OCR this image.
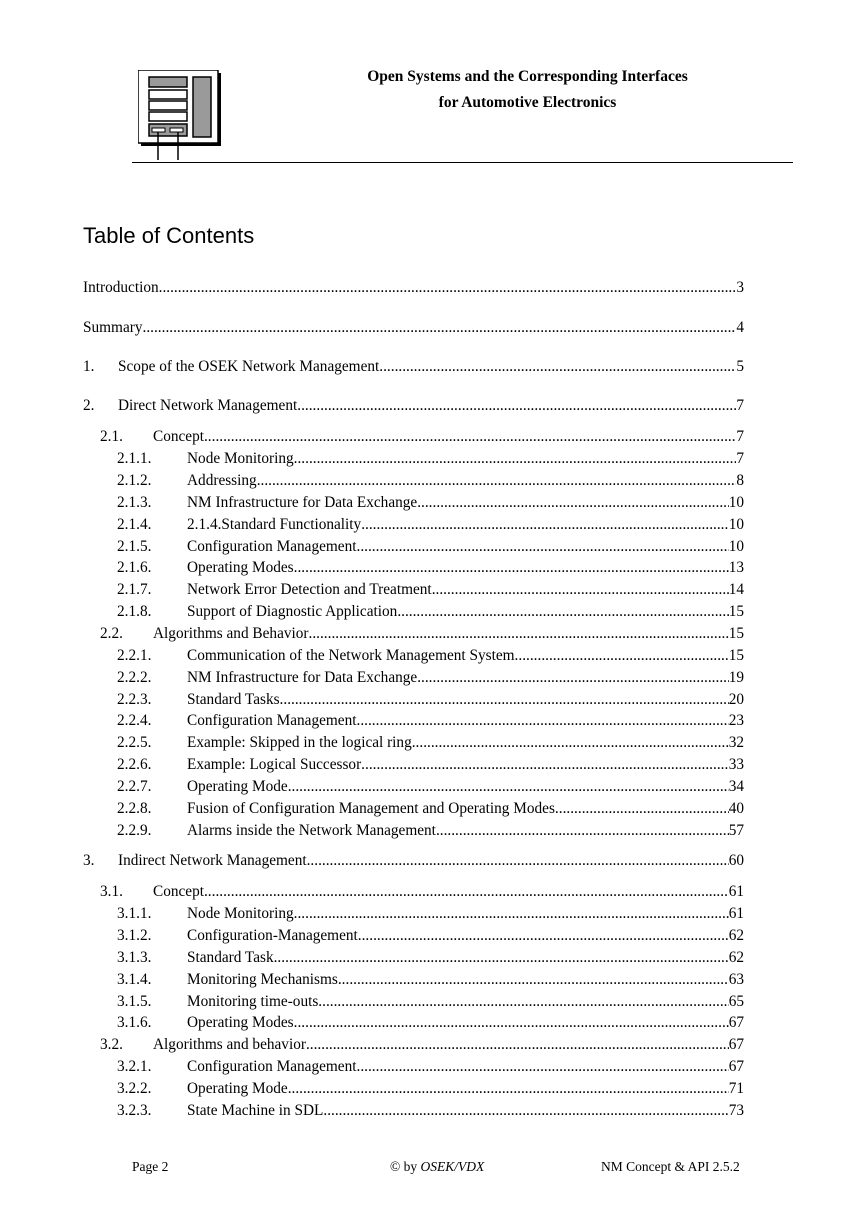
Open Systems and the Corresponding Interfaces
for Automotive Electronics
Table of Contents
Introduction .....	3
Summary .....	4
1.	Scope of the OSEK Network Management .....	5
2.	Direct Network Management .....	7
2.1.	Concept .....	7
2.1.1.	Node Monitoring .....	7
2.1.2.	Addressing .....	8
2.1.3.	NM Infrastructure for Data Exchange .....	10
2.1.4.	2.1.4.Standard Functionality .....	10
2.1.5.	Configuration Management .....	10
2.1.6.	Operating Modes .....	13
2.1.7.	Network Error Detection and Treatment .....	14
2.1.8.	Support of Diagnostic Application .....	15
2.2.	Algorithms and Behavior .....	15
2.2.1.	Communication of the Network Management System .....	15
2.2.2.	NM Infrastructure for Data Exchange .....	19
2.2.3.	Standard Tasks .....	20
2.2.4.	Configuration Management .....	23
2.2.5.	Example: Skipped in the logical ring .....	32
2.2.6.	Example: Logical Successor .....	33
2.2.7.	Operating Mode .....	34
2.2.8.	Fusion of Configuration Management and Operating Modes .....	40
2.2.9.	Alarms inside the Network Management .....	57
3.	Indirect Network Management .....	60
3.1.	Concept .....	61
3.1.1.	Node Monitoring .....	61
3.1.2.	Configuration-Management .....	62
3.1.3.	Standard Task .....	62
3.1.4.	Monitoring Mechanisms .....	63
3.1.5.	Monitoring time-outs .....	65
3.1.6.	Operating Modes .....	67
3.2.	Algorithms and behavior .....	67
3.2.1.	Configuration Management .....	67
3.2.2.	Operating Mode .....	71
3.2.3.	State Machine in SDL .....	73
Page 2	© by OSEK/VDX	NM Concept & API 2.5.2
